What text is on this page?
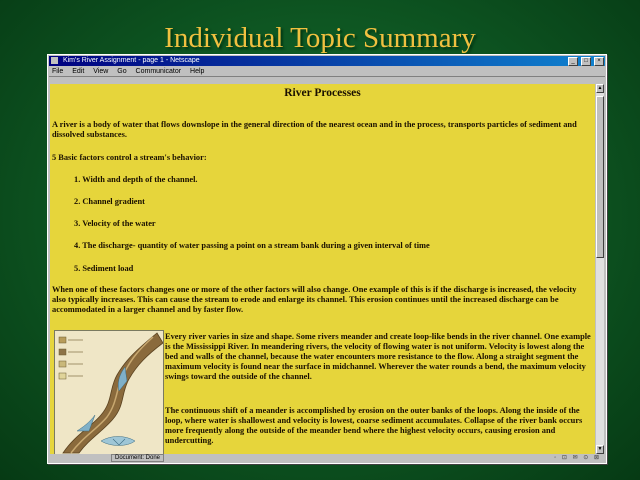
Individual Topic Summary
Kim's River Assignment - page 1 - Netscape	_ □ ×
File Edit View Go Communicator Help
River Processes

A river is a body of water that flows downslope in the general direction of the nearest ocean and in the process, transports particles of sediment and dissolved substances.

5 Basic factors control a stream's behavior:

1. Width and depth of the channel.

2. Channel gradient

3. Velocity of the water

4. The discharge- quantity of water passing a point on a stream bank during a given interval of time

5. Sediment load

When one of these factors changes one or more of the other factors will also change. One example of this is if the discharge is increased, the velocity also typically increases. This can cause the stream to erode and enlarge its channel. This erosion continues until the increased discharge can be accommodated in a larger channel and by faster flow.

Every river varies in size and shape. Some rivers meander and create loop-like bends in the river channel. One example is the Mississippi River. In meandering rivers, the velocity of flowing water is not uniform. Velocity is lowest along the bed and walls of the channel, because the water encounters more resistance to the flow. Along a straight segment the maximum velocity is found near the surface in midchannel. Wherever the water rounds a bend, the maximum velocity swings toward the outside of the channel.

The continuous shift of a meander is accomplished by erosion on the outer banks of the loops. Along the inside of the loop, where water is shallowest and velocity is lowest, coarse sediment accumulates. Collapse of the river bank occurs more frequently along the outside of the meander bend where the highest velocity occurs, causing erosion and undercutting.

▲
▼
Document: Done	◦ ⊡ ✉ ⊙ ⊠
